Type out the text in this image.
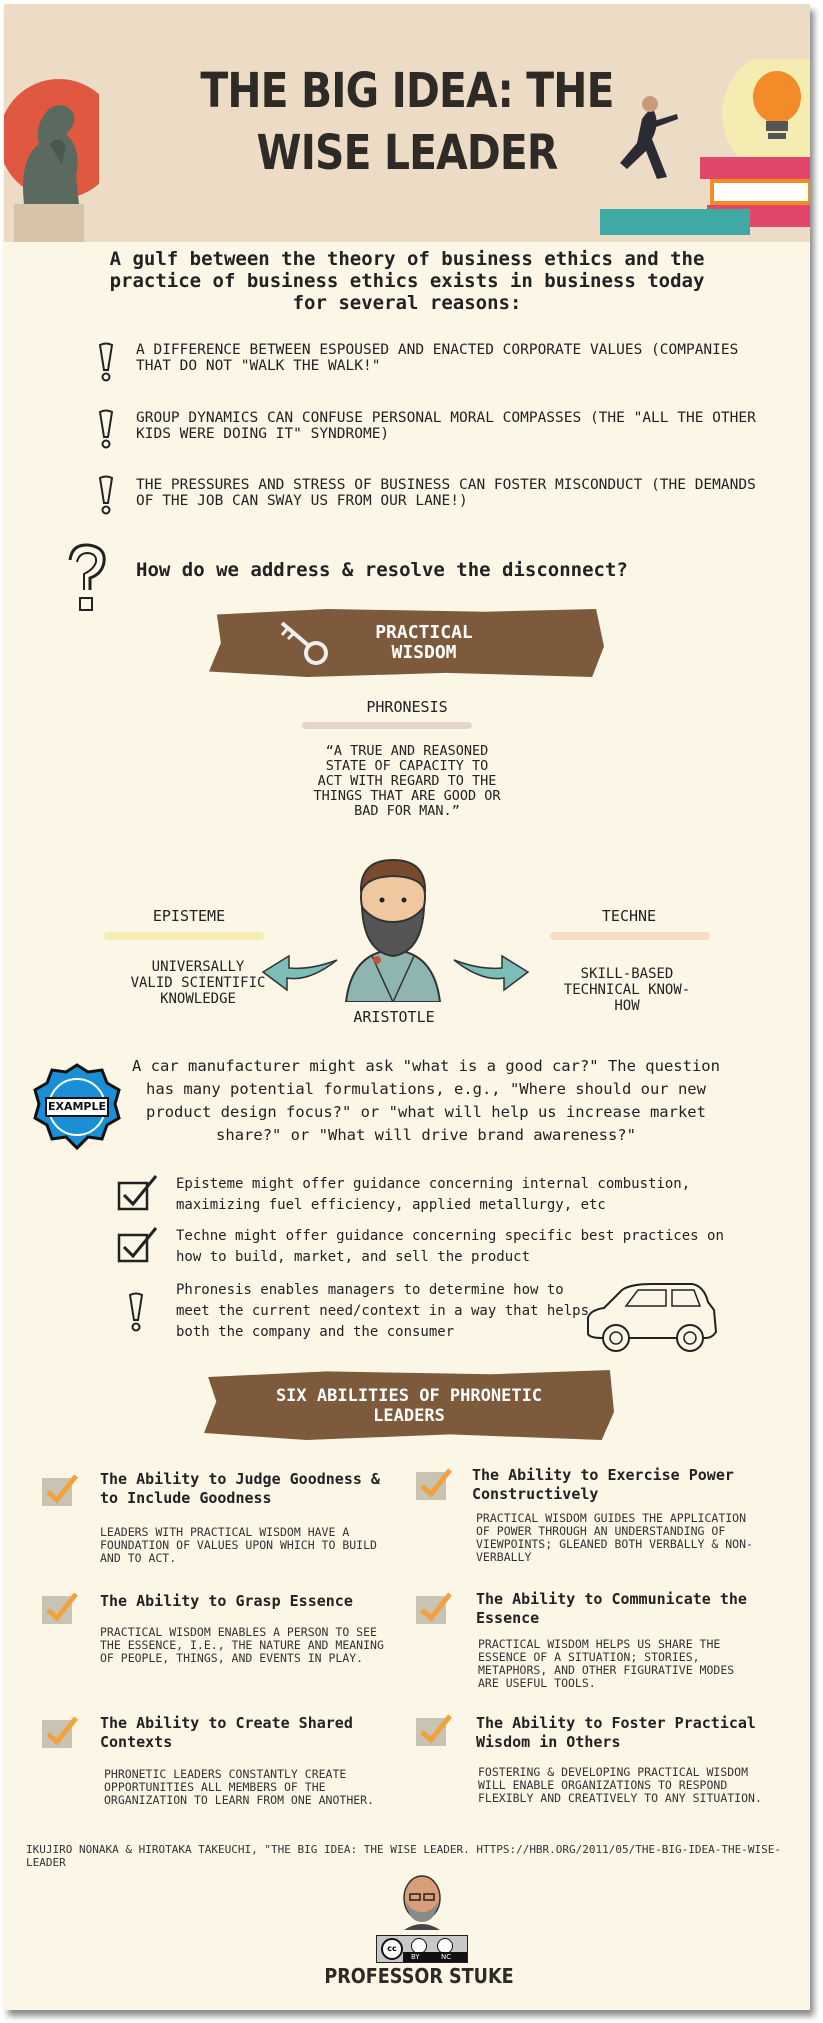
THE BIG IDEA: THE
WISE LEADER
A gulf between the theory of business ethics and the practice of business ethics exists in business today for several reasons:
A DIFFERENCE BETWEEN ESPOUSED AND ENACTED CORPORATE VALUES (COMPANIES THAT DO NOT "WALK THE WALK!"
GROUP DYNAMICS CAN CONFUSE PERSONAL MORAL COMPASSES (THE "ALL THE OTHER KIDS WERE DOING IT" SYNDROME)
THE PRESSURES AND STRESS OF BUSINESS CAN FOSTER MISCONDUCT (THE DEMANDS OF THE JOB CAN SWAY US FROM OUR LANE!)
How do we address & resolve the disconnect?
PRACTICAL
WISDOM
PHRONESIS
“A TRUE AND REASONED STATE OF CAPACITY TO ACT WITH REGARD TO THE THINGS THAT ARE GOOD OR BAD FOR MAN.”
EPISTEME
UNIVERSALLY VALID SCIENTIFIC KNOWLEDGE
TECHNE
SKILL-BASED TECHNICAL KNOW-HOW
ARISTOTLE
EXAMPLE
A car manufacturer might ask "what is a good car?" The question has many potential formulations, e.g., "Where should our new product design focus?" or "what will help us increase market share?" or "What will drive brand awareness?"
Episteme might offer guidance concerning internal combustion, maximizing fuel efficiency, applied metallurgy, etc
Techne might offer guidance concerning specific best practices on how to build, market, and sell the product
Phronesis enables managers to determine how to meet the current need/context in a way that helps both the company and the consumer
SIX ABILITIES OF PHRONETIC
LEADERS
The Ability to Judge Goodness & to Include Goodness
LEADERS WITH PRACTICAL WISDOM HAVE A FOUNDATION OF VALUES UPON WHICH TO BUILD AND TO ACT.
The Ability to Grasp Essence
PRACTICAL WISDOM ENABLES A PERSON TO SEE THE ESSENCE, I.E., THE NATURE AND MEANING OF PEOPLE, THINGS, AND EVENTS IN PLAY.
The Ability to Create Shared Contexts
PHRONETIC LEADERS CONSTANTLY CREATE OPPORTUNITIES ALL MEMBERS OF THE ORGANIZATION TO LEARN FROM ONE ANOTHER.
The Ability to Exercise Power Constructively
PRACTICAL WISDOM GUIDES THE APPLICATION OF POWER THROUGH AN UNDERSTANDING OF VIEWPOINTS; GLEANED BOTH VERBALLY & NON-VERBALLY
The Ability to Communicate the Essence
PRACTICAL WISDOM HELPS US SHARE THE ESSENCE OF A SITUATION; STORIES, METAPHORS, AND OTHER FIGURATIVE MODES ARE USEFUL TOOLS.
The Ability to Foster Practical Wisdom in Others
FOSTERING & DEVELOPING PRACTICAL WISDOM WILL ENABLE ORGANIZATIONS TO RESPOND FLEXIBLY AND CREATIVELY TO ANY SITUATION.
IKUJIRO NONAKA & HIROTAKA TAKEUCHI, "THE BIG IDEA: THE WISE LEADER. HTTPS://HBR.ORG/2011/05/THE-BIG-IDEA-THE-WISE-LEADER
cc
BY	NC
PROFESSOR STUKE
